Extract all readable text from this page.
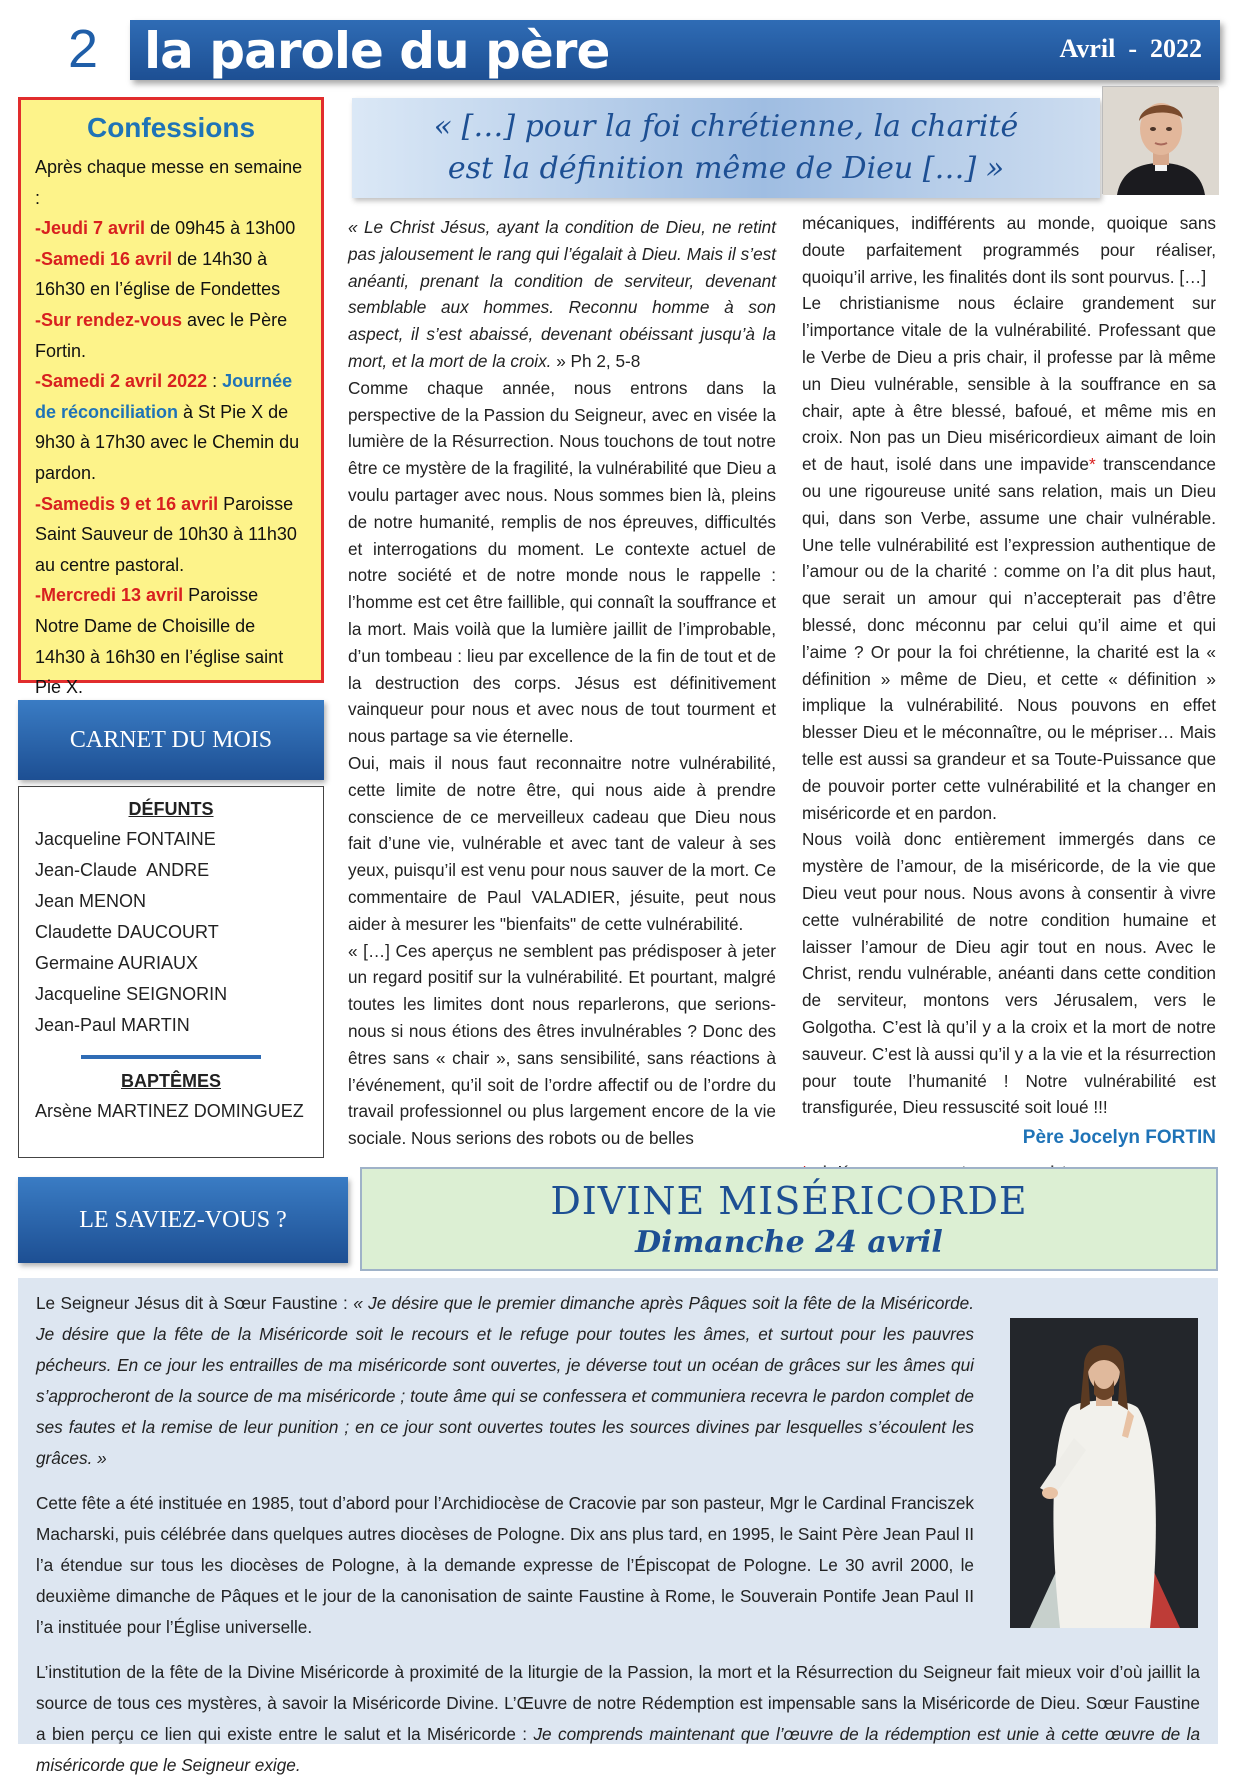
2 la parole du père	Avril  -  2022
Confessions
Après chaque messe en semaine :
-Jeudi 7 avril de 09h45 à 13h00
-Samedi 16 avril de 14h30 à 16h30 en l’église de Fondettes
-Sur rendez-vous avec le Père Fortin.
-Samedi 2 avril 2022 : Journée de réconciliation à St Pie X de 9h30 à 17h30 avec le Chemin du pardon.
-Samedis 9 et 16 avril Paroisse Saint Sauveur de 10h30 à 11h30 au centre pastoral.
-Mercredi 13 avril Paroisse Notre Dame de Choisille de 14h30 à 16h30 en l’église saint Pie X.
CARNET DU MOIS
DÉFUNTS
Jacqueline FONTAINE
Jean-Claude  ANDRE
Jean MENON
Claudette DAUCOURT
Germaine AURIAUX
Jacqueline SEIGNORIN
Jean-Paul MARTIN
BAPTÊMES
Arsène MARTINEZ DOMINGUEZ
« […] pour la foi chrétienne, la charité
est la définition même de Dieu […] »

« Le Christ Jésus, ayant la condition de Dieu, ne retint pas jalousement le rang qui l’égalait à Dieu. Mais il s’est anéanti, prenant la condition de serviteur, devenant semblable aux hommes. Reconnu homme à son aspect, il s’est abaissé, devenant obéissant jusqu’à la mort, et la mort de la croix. » Ph 2, 5-8

Comme chaque année, nous entrons dans la perspective de la Passion du Seigneur, avec en visée la lumière de la Résurrection. Nous touchons de tout notre être ce mystère de la fragilité, la vulnérabilité que Dieu a voulu partager avec nous. Nous sommes bien là, pleins de notre humanité, remplis de nos épreuves, difficultés et interrogations du moment. Le contexte actuel de notre société et de notre monde nous le rappelle : l’homme est cet être faillible, qui connaît la souffrance et la mort. Mais voilà que la lumière jaillit de l’improbable, d’un tombeau : lieu par excellence de la fin de tout et de la destruction des corps. Jésus est définitivement vainqueur pour nous et avec nous de tout tourment et nous partage sa vie éternelle.

Oui, mais il nous faut reconnaitre notre vulnérabilité, cette limite de notre être, qui nous aide à prendre conscience de ce merveilleux cadeau que Dieu nous fait d’une vie, vulnérable et avec tant de valeur à ses yeux, puisqu’il est venu pour nous sauver de la mort. Ce commentaire de Paul VALADIER, jésuite, peut nous aider à mesurer les "bienfaits" de cette vulnérabilité.

« […] Ces aperçus ne semblent pas prédisposer à jeter un regard positif sur la vulnérabilité. Et pourtant, malgré toutes les limites dont nous reparlerons, que serions-nous si nous étions des êtres invulnérables ? Donc des êtres sans « chair », sans sensibilité, sans réactions à l’événement, qu’il soit de l’ordre affectif ou de l’ordre du travail professionnel ou plus largement encore de la vie sociale. Nous serions des robots ou de belles

mécaniques, indifférents au monde, quoique sans doute parfaitement programmés pour réaliser, quoiqu’il arrive, les finalités dont ils sont pourvus. […]

Le christianisme nous éclaire grandement sur l’importance vitale de la vulnérabilité. Professant que le Verbe de Dieu a pris chair, il professe par là même un Dieu vulnérable, sensible à la souffrance en sa chair, apte à être blessé, bafoué, et même mis en croix. Non pas un Dieu miséricordieux aimant de loin et de haut, isolé dans une impavide* transcendance ou une rigoureuse unité sans relation, mais un Dieu qui, dans son Verbe, assume une chair vulnérable. Une telle vulnérabilité est l’expression authentique de l’amour ou de la charité : comme on l’a dit plus haut, que serait un amour qui n’accepterait pas d’être blessé, donc méconnu par celui qu’il aime et qui l’aime ? Or pour la foi chrétienne, la charité est la « définition » même de Dieu, et cette « définition » implique la vulnérabilité. Nous pouvons en effet blesser Dieu et le méconnaître, ou le mépriser… Mais telle est aussi sa grandeur et sa Toute-Puissance que de pouvoir porter cette vulnérabilité et la changer en miséricorde et en pardon.

Nous voilà donc entièrement immergés dans ce mystère de l’amour, de la miséricorde, de la vie que Dieu veut pour nous. Nous avons à consentir à vivre cette vulnérabilité de notre condition humaine et laisser l’amour de Dieu agir tout en nous. Avec le Christ, rendu vulnérable, anéanti dans cette condition de serviteur, montons vers Jérusalem, vers le Golgotha. C’est là qu’il y a la croix et la mort de notre sauveur. C’est là aussi qu’il y a la vie et la résurrection pour toute l’humanité ! Notre vulnérabilité est transfigurée, Dieu ressuscité soit loué !!!

Père Jocelyn FORTIN
LE SAVIEZ-VOUS ?	DIVINE MISÉRICORDE
Dimanche 24 avril

Le Seigneur Jésus dit à Sœur Faustine : « Je désire que le premier dimanche après Pâques soit la fête de la Miséricorde. Je désire que la fête de la Miséricorde soit le recours et le refuge pour toutes les âmes, et surtout pour les pauvres pécheurs. En ce jour les entrailles de ma miséricorde sont ouvertes, je déverse tout un océan de grâces sur les âmes qui s’approcheront de la source de ma miséricorde ; toute âme qui se confessera et communiera recevra le pardon complet de ses fautes et la remise de leur punition ; en ce jour sont ouvertes toutes les sources divines par lesquelles s’écoulent les grâces. »

Cette fête a été instituée en 1985, tout d’abord pour l’Archidiocèse de Cracovie par son pasteur, Mgr le Cardinal Franciszek Macharski, puis célébrée dans quelques autres diocèses de Pologne. Dix ans plus tard, en 1995, le Saint Père Jean Paul II l’a étendue sur tous les diocèses de Pologne, à la demande expresse de l’Épiscopat de Pologne. Le 30 avril 2000, le deuxième dimanche de Pâques et le jour de la canonisation de sainte Faustine à Rome, le Souverain Pontife Jean Paul II l’a instituée pour l’Église universelle.

L’institution de la fête de la Divine Miséricorde à proximité de la liturgie de la Passion, la mort et la Résurrection du Seigneur fait mieux voir d’où jaillit la source de tous ces mystères, à savoir la Miséricorde Divine. L’Œuvre de notre Rédemption est impensable sans la Miséricorde de Dieu. Sœur Faustine a bien perçu ce lien qui existe entre le salut et la Miséricorde : Je comprends maintenant que l’œuvre de la rédemption est unie à cette œuvre de la miséricorde que le Seigneur exige.
